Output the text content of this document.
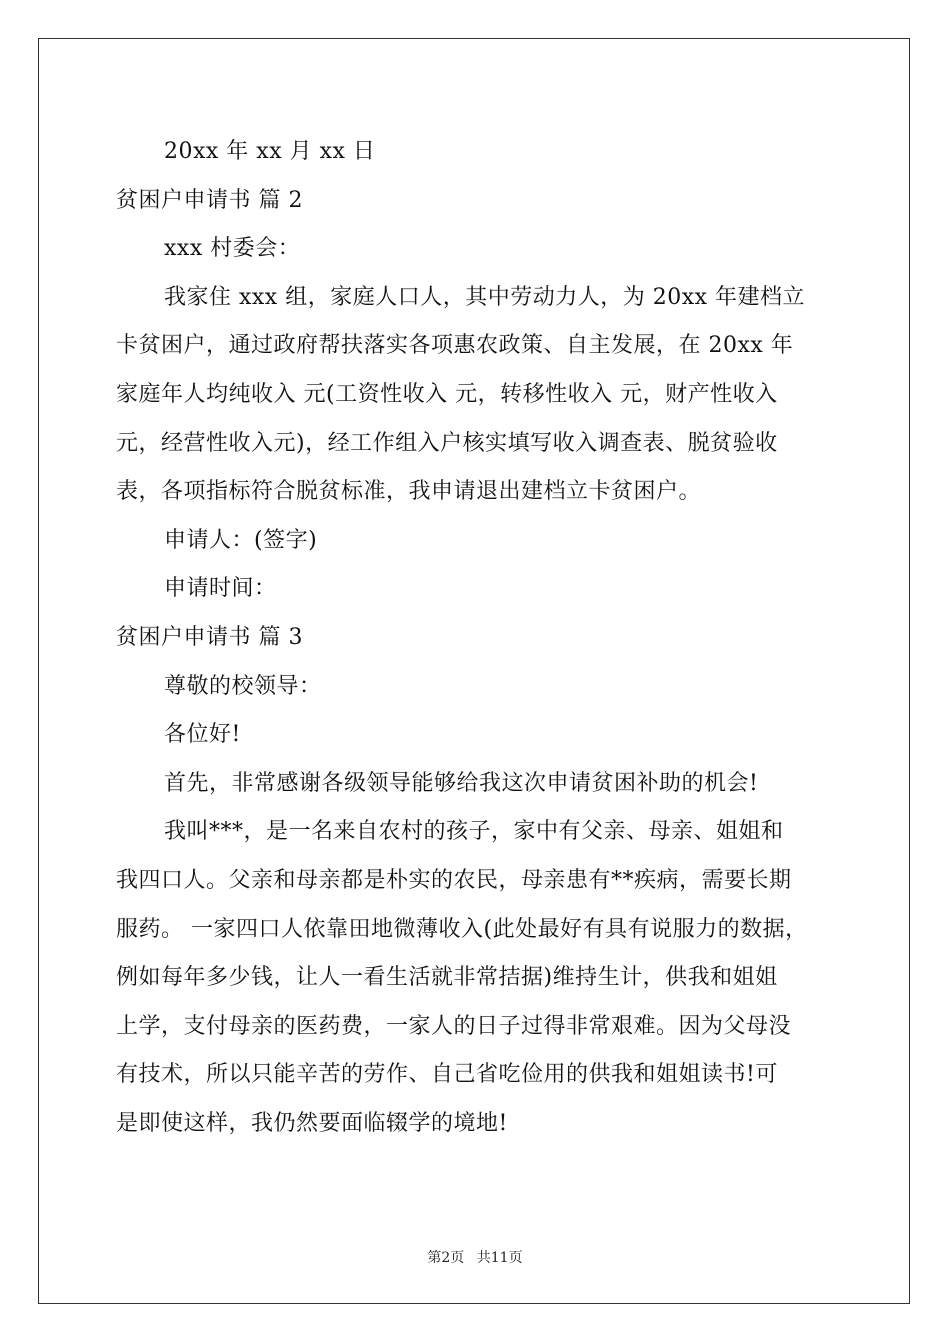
20xx 年 xx 月 xx 日
贫困户申请书 篇 2
xxx 村委会：
我家住 xxx 组，家庭人口人，其中劳动力人，为 20xx 年建档立
卡贫困户，通过政府帮扶落实各项惠农政策、自主发展，在 20xx 年
家庭年人均纯收入 元(工资性收入 元，转移性收入 元，财产性收入
元，经营性收入元)，经工作组入户核实填写收入调查表、脱贫验收
表，各项指标符合脱贫标准，我申请退出建档立卡贫困户。
申请人：(签字)
申请时间：
贫困户申请书 篇 3
尊敬的校领导：
各位好!
首先，非常感谢各级领导能够给我这次申请贫困补助的机会!
我叫***，是一名来自农村的孩子，家中有父亲、母亲、姐姐和
我四口人。父亲和母亲都是朴实的农民，母亲患有**疾病，需要长期
服药。 一家四口人依靠田地微薄收入(此处最好有具有说服力的数据，
例如每年多少钱，让人一看生活就非常拮据)维持生计，供我和姐姐
上学，支付母亲的医药费，一家人的日子过得非常艰难。因为父母没
有技术，所以只能辛苦的劳作、自己省吃俭用的供我和姐姐读书!可
是即使这样，我仍然要面临辍学的境地!
第2页 共11页
